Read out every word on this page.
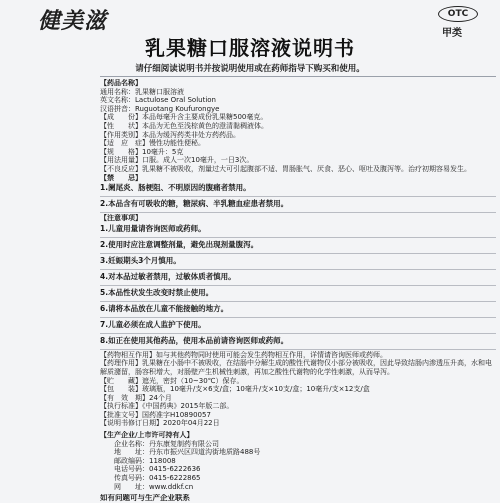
健美滋	OTC
甲类
乳果糖口服溶液说明书
请仔细阅读说明书并按说明使用或在药师指导下购买和使用。
【药品名称】
通用名称：乳果糖口服溶液
英文名称：Lactulose Oral Solution
汉语拼音：Ruguotang Koufurongye
【成　　份】本品每毫升含主要成份乳果糖500毫克。
【性　　状】本品为无色至浅棕黄色的澄清黏稠液体。
【作用类别】本品为缓泻药类非处方药药品。
【适　应　症】慢性功能性便秘。
【规　　格】10毫升：5克
【用法用量】口服。成人一次10毫升，一日3次。
【不良反应】乳果糖不被吸收，剂量过大可引起腹部不适、胃肠胀气、厌食、恶心、呕吐及腹泻等。治疗初期容易发生。
【禁　　忌】
1.阑尾炎、肠梗阻、不明原因的腹痛者禁用。
2.本品含有可吸收的糖，糖尿病、半乳糖血症患者禁用。
【注意事项】
1.儿童用量请咨询医师或药师。
2.使用时应注意调整剂量，避免出现剂量腹泻。
3.妊娠期头3个月慎用。
4.对本品过敏者禁用，过敏体质者慎用。
5.本品性状发生改变时禁止使用。
6.请将本品放在儿童不能接触的地方。
7.儿童必须在成人监护下使用。
8.如正在使用其他药品，使用本品前请咨询医师或药师。
【药物相互作用】如与其他药物同时使用可能会发生药物相互作用，详情请咨询医师或药师。
【药理作用】乳果糖在小肠中不被吸收，在结肠中分解生成的酸性代谢物仅小部分被吸收，因此导致结肠内渗透压升高，水和电解质潴留，肠容积增大，对肠壁产生机械性刺激，再加之酸性代谢物的化学性刺激，从而导泻。
【贮　　藏】遮光，密封（10~30℃）保存。
【包　　装】玻璃瓶，10毫升/支×6支/盒；10毫升/支×10支/盒；10毫升/支×12支/盒
【有　效　期】24个月
【执行标准】《中国药典》2015年版二部。
【批准文号】国药准字H10890057
【说明书修订日期】2020年04月22日
【生产企业/上市许可持有人】
企业名称：丹东康复制药有限公司
地　　址：丹东市振兴区四道沟街地质路488号
邮政编码：118008
电话号码：0415-6222636
传真号码：0415-6222865
网　　址：www.ddkf.cn
如有问题可与生产企业联系
